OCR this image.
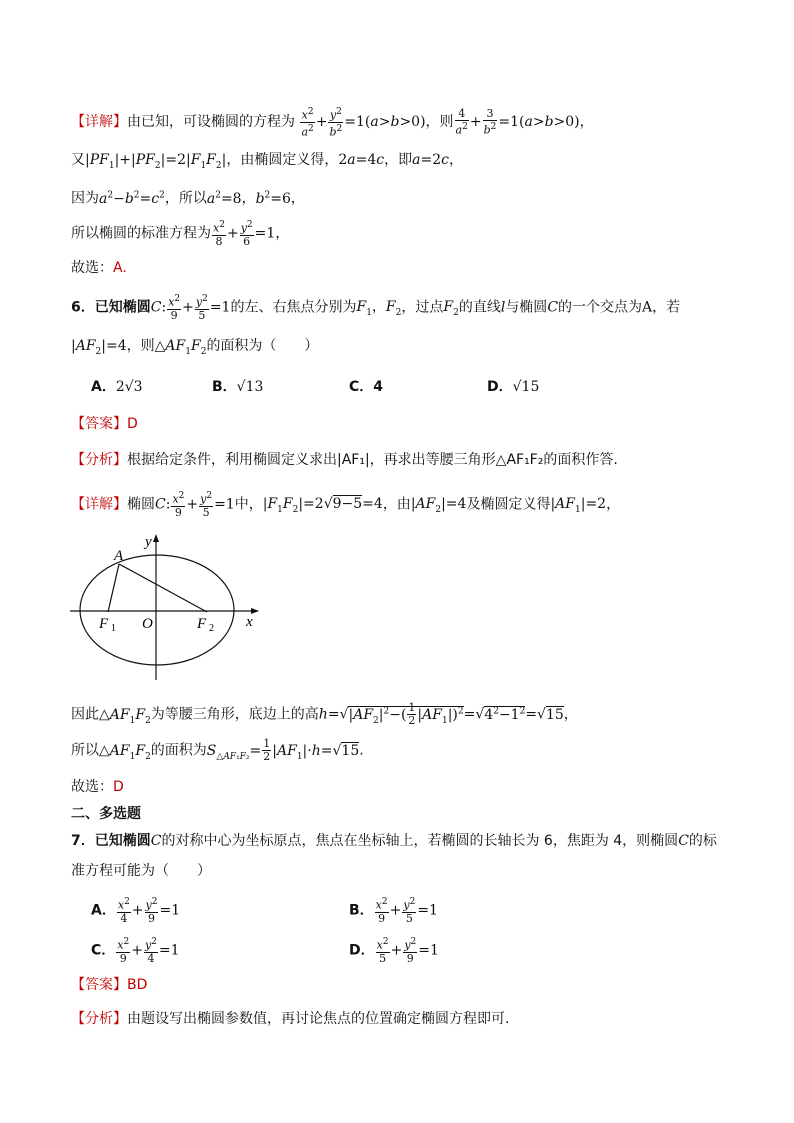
【详解】由已知，可设椭圆的方程为 $\frac{x^2}{a^2} + \frac{y^2}{b^2} =1(a>b>0)$，则 $\frac{4}{a^2} + \frac{3}{b^2} =1(a>b>0)$，
又$|PF_1|+|PF_2|=2|F_1F_2|$，由椭圆定义得，2a=4c，即a=2c，
因为$a^2-b^2=c^2$，所以$a^2=8$，$b^2=6$，
所以椭圆的标准方程为 $\frac{x^2}{8} + \frac{y^2}{6} =1$，
故选：A.
6．已知椭圆C: $\frac{x^2}{9} + \frac{y^2}{5} =1$的左、右焦点分别为$F_1$，$F_2$，过点$F_2$的直线l与椭圆C的一个交点为A，若
$|AF_2|=4$，则$\triangle AF_1F_2$的面积为（　　）
A．2√3	B．√13	C．4	D．√15
【答案】D
【分析】根据给定条件，利用椭圆定义求出|AF₁|，再求出等腰三角形△AF₁F₂的面积作答.
【详解】椭圆C: $\frac{x^2}{9} + \frac{y^2}{5} =1$中，$|F_1F_2|=2√9-5=4$，由$|AF_2|=4$及椭圆定义得$|AF_1|=2$，
A
y
x
F 1 O	F 2
因此$\triangle AF_1F_2$为等腰三角形，底边上的高$h=√|AF_2|^2-( \frac{1}{2} |AF_1|)^2=√4^2-1^2=√15$，
所以$\triangle AF_1F_2$的面积为$S_{\triangle AF_1F_2}= \frac{1}{2} |AF_1|\cdot h=√15$.
故选：D
二、多选题
7．已知椭圆C的对称中心为坐标原点，焦点在坐标轴上，若椭圆的长轴长为 6，焦距为 4，则椭圆C的标
准方程可能为（　　）
A． $\frac{x^2}{4} + \frac{y^2}{9} =1$	B． $\frac{x^2}{9} + \frac{y^2}{5} =1$
C． $\frac{x^2}{9} + \frac{y^2}{4} =1$	D． $\frac{x^2}{5} + \frac{y^2}{9} =1$
【答案】BD
【分析】由题设写出椭圆参数值，再讨论焦点的位置确定椭圆方程即可.
